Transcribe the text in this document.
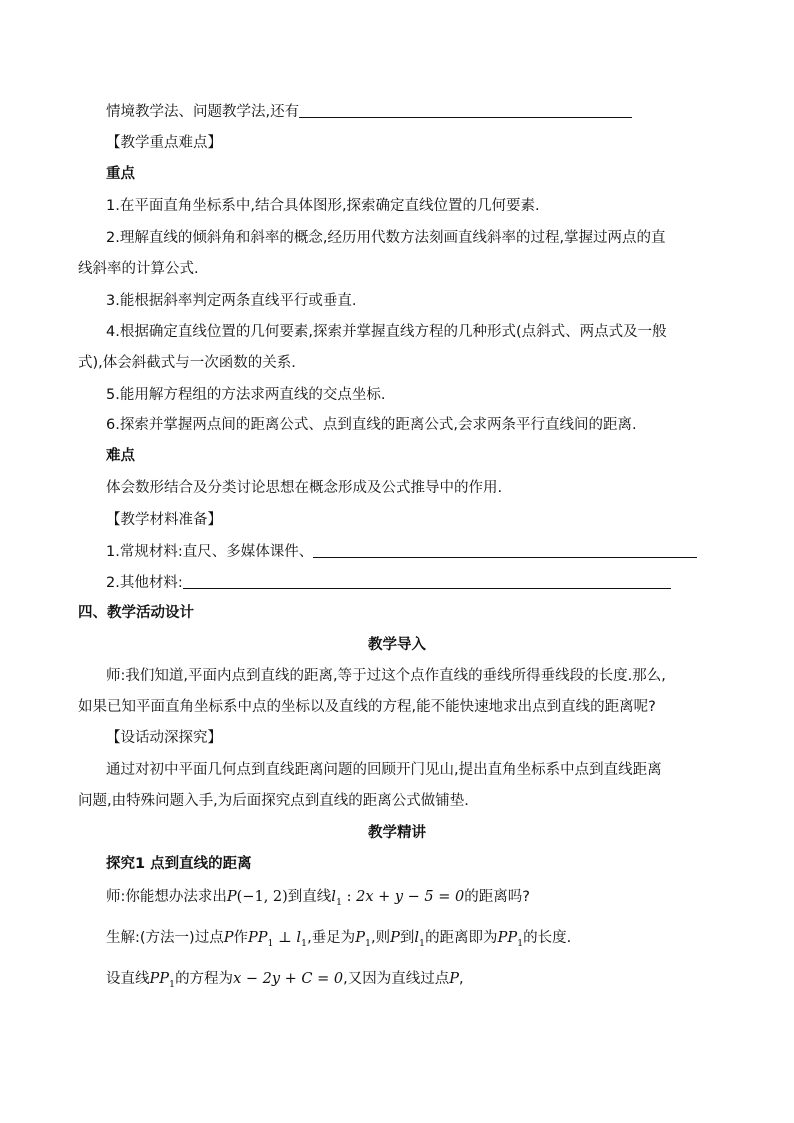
情境教学法、问题教学法,还有
【教学重点难点】
重点
1.在平面直角坐标系中,结合具体图形,探索确定直线位置的几何要素.
2.理解直线的倾斜角和斜率的概念,经历用代数方法刻画直线斜率的过程,掌握过两点的直
线斜率的计算公式.
3.能根据斜率判定两条直线平行或垂直.
4.根据确定直线位置的几何要素,探索并掌握直线方程的几种形式(点斜式、两点式及一般
式),体会斜截式与一次函数的关系.
5.能用解方程组的方法求两直线的交点坐标.
6.探索并掌握两点间的距离公式、点到直线的距离公式,会求两条平行直线间的距离.
难点
体会数形结合及分类讨论思想在概念形成及公式推导中的作用.
【教学材料准备】
1.常规材料:直尺、多媒体课件、
2.其他材料:
四、教学活动设计
教学导入
师:我们知道,平面内点到直线的距离,等于过这个点作直线的垂线所得垂线段的长度.那么,
如果已知平面直角坐标系中点的坐标以及直线的方程,能不能快速地求出点到直线的距离呢?
【设话动深探究】
通过对初中平面几何点到直线距离问题的回顾开门见山,提出直角坐标系中点到直线距离
问题,由特殊问题入手,为后面探究点到直线的距离公式做铺垫.
教学精讲
探究1 点到直线的距离
师:你能想办法求出P(−1, 2)到直线$l_1$ : 2x + y − 5 = 0的距离吗?
生解:(方法一)过点P作$PP_1$ ⊥ $l_1$,垂足为$P_1$,则P到$l_1$的距离即为$PP_1$的长度.
设直线$PP_1$的方程为x − 2y + C = 0,又因为直线过点P,
